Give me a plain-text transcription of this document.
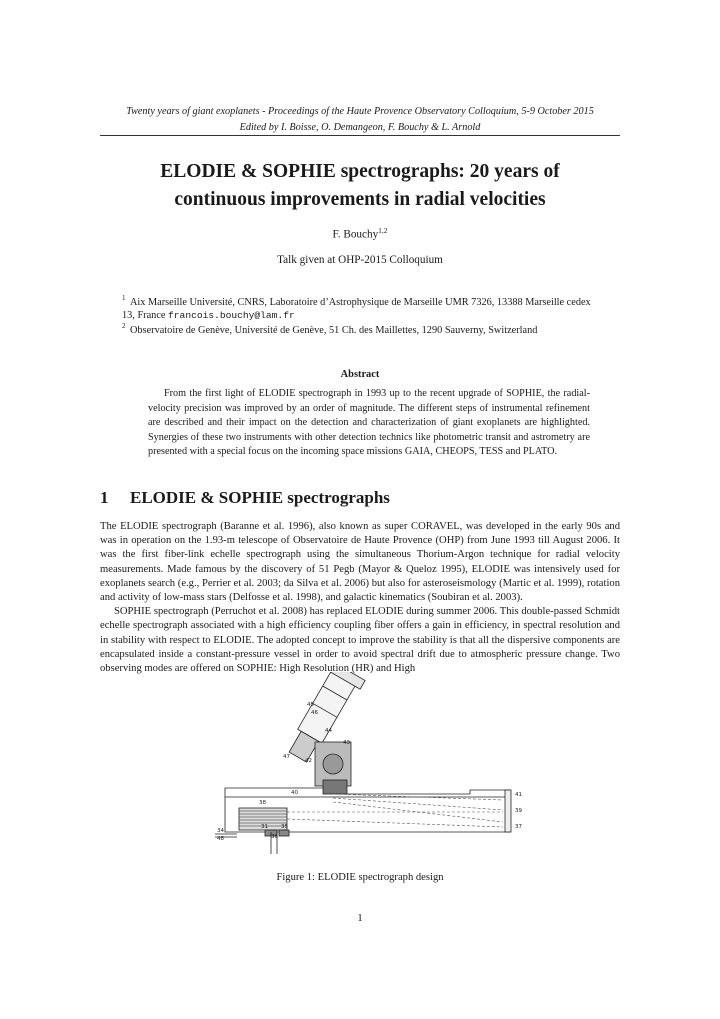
Twenty years of giant exoplanets - Proceedings of the Haute Provence Observatory Colloquium, 5-9 October 2015
Edited by I. Boisse, O. Demangeon, F. Bouchy & L. Arnold
ELODIE & SOPHIE spectrographs: 20 years of
continuous improvements in radial velocities
F. Bouchy$^{1,2}$
Talk given at OHP-2015 Colloquium
1 Aix Marseille Université, CNRS, Laboratoire d’Astrophysique de Marseille UMR 7326, 13388 Marseille cedex
13, France francois.bouchy@lam.fr
2 Observatoire de Genève, Université de Genève, 51 Ch. des Maillettes, 1290 Sauverny, Switzerland
Abstract
From the first light of ELODIE spectrograph in 1993 up to the recent upgrade of SOPHIE, the radial-velocity precision was improved by an order of magnitude. The different steps of instrumental refinement are described and their impact on the detection and characterization of giant exoplanets are highlighted. Synergies of these two instruments with other detection technics like photometric transit and astrometry are presented with a special focus on the incoming space missions GAIA, CHEOPS, TESS and PLATO.
1 ELODIE & SOPHIE spectrographs

The ELODIE spectrograph (Baranne et al. 1996), also known as super CORAVEL, was developed in the early 90s and was in operation on the 1.93-m telescope of Observatoire de Haute Provence (OHP) from June 1993 till August 2006. It was the first fiber-link echelle spectrograph using the simultaneous Thorium-Argon technique for radial velocity measurements. Made famous by the discovery of 51 Pegb (Mayor & Queloz 1995), ELODIE was intensively used for exoplanets search (e.g., Perrier et al. 2003; da Silva et al. 2006) but also for asteroseismology (Martic et al. 1999), rotation and activity of low-mass stars (Delfosse et al. 1998), and galactic kinematics (Soubiran et al. 2003).

SOPHIE spectrograph (Perruchot et al. 2008) has replaced ELODIE during summer 2006. This double-passed Schmidt echelle spectrograph associated with a high efficiency coupling fiber offers a gain in efficiency, in spectral resolution and in stability with respect to ELODIE. The adopted concept to improve the stability is that all the dispersive components are encapsulated inside a constant-pressure vessel in order to avoid spectral drift due to atmospheric pressure change. Two observing modes are offered on SOPHIE: High Resolution (HR) and High

45
46
44
43
47
42
40
38
41
39
37
31 35
36
34
48
Figure 1: ELODIE spectrograph design
1
